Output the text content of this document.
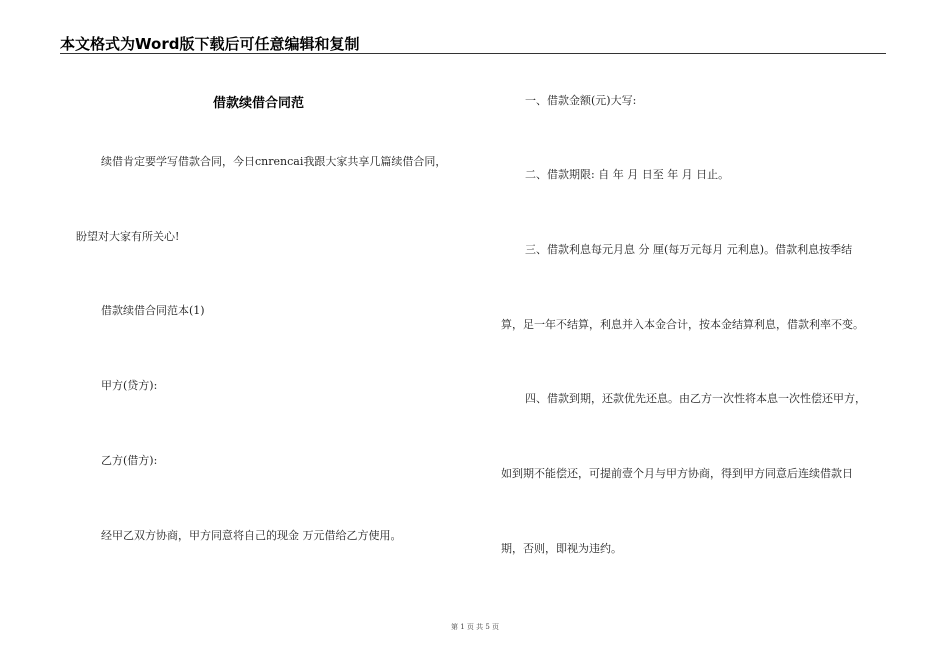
本文格式为Word版下载后可任意编辑和复制
借款续借合同范
续借肯定要学写借款合同，今日cnrencai我跟大家共享几篇续借合同，
盼望对大家有所关心!
借款续借合同范本(1)
甲方(贷方):
乙方(借方):
经甲乙双方协商，甲方同意将自己的现金 万元借给乙方使用。
一、借款金额(元)大写:
二、借款期限: 自 年 月 日至 年 月 日止。
三、借款利息每元月息 分 厘(每万元每月 元利息)。借款利息按季结
算，足一年不结算，利息并入本金合计，按本金结算利息，借款利率不变。
四、借款到期，还款优先还息。由乙方一次性将本息一次性偿还甲方，
如到期不能偿还，可提前壹个月与甲方协商，得到甲方同意后连续借款日
期，否则，即视为违约。
第 1 页 共 5 页
